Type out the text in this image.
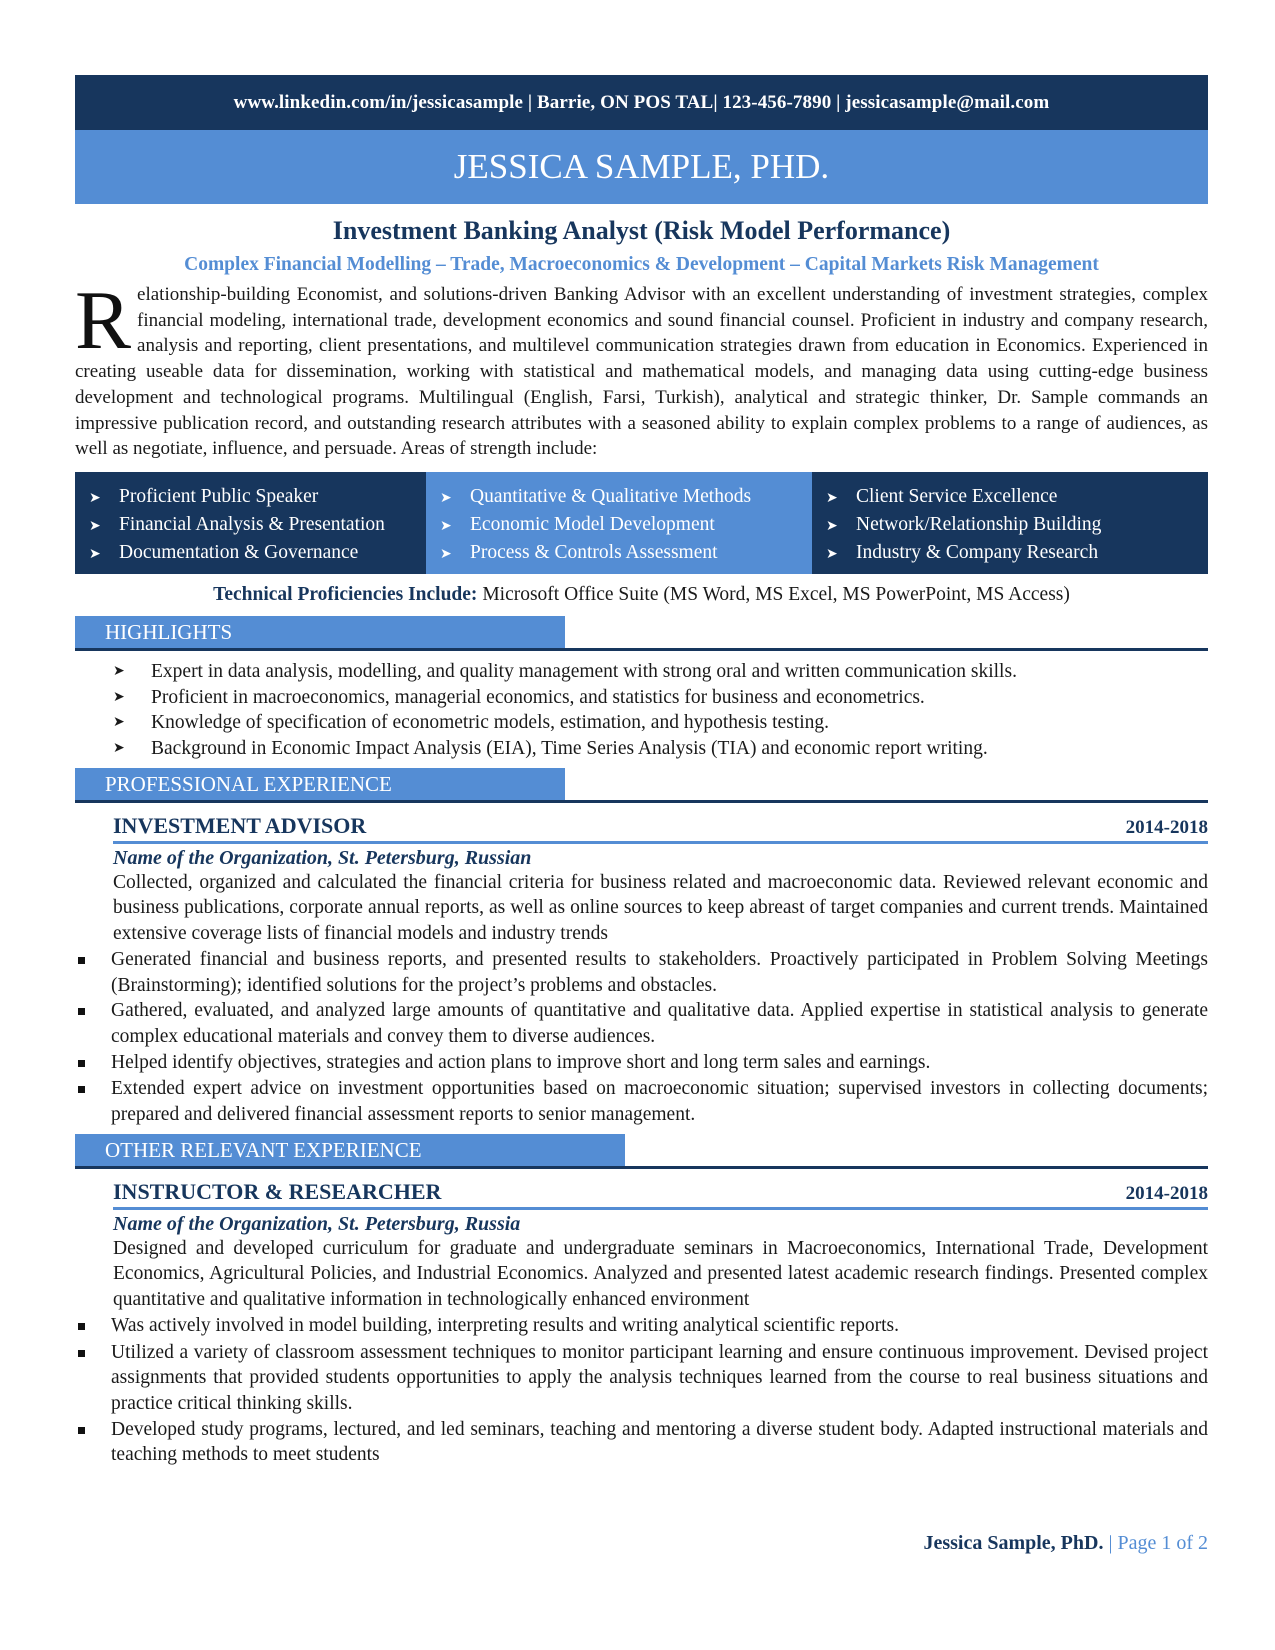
www.linkedin.com/in/jessicasample | Barrie, ON POS TAL| 123-456-7890 | jessicasample@mail.com
JESSICA SAMPLE, PHD.
Investment Banking Analyst (Risk Model Performance)
Complex Financial Modelling – Trade, Macroeconomics & Development – Capital Markets Risk Management
Relationship-building Economist, and solutions-driven Banking Advisor with an excellent understanding of investment strategies, complex financial modeling, international trade, development economics and sound financial counsel. Proficient in industry and company research, analysis and reporting, client presentations, and multilevel communication strategies drawn from education in Economics. Experienced in creating useable data for dissemination, working with statistical and mathematical models, and managing data using cutting-edge business development and technological programs. Multilingual (English, Farsi, Turkish), analytical and strategic thinker, Dr. Sample commands an impressive publication record, and outstanding research attributes with a seasoned ability to explain complex problems to a range of audiences, as well as negotiate, influence, and persuade. Areas of strength include:
➤ Proficient Public Speaker
➤ Financial Analysis & Presentation
➤ Documentation & Governance
➤ Quantitative & Qualitative Methods
➤ Economic Model Development
➤ Process & Controls Assessment
➤ Client Service Excellence
➤ Network/Relationship Building
➤ Industry & Company Research
Technical Proficiencies Include: Microsoft Office Suite (MS Word, MS Excel, MS PowerPoint, MS Access)
HIGHLIGHTS
➤	Expert in data analysis, modelling, and quality management with strong oral and written communication skills.
➤	Proficient in macroeconomics, managerial economics, and statistics for business and econometrics.
➤	Knowledge of specification of econometric models, estimation, and hypothesis testing.
➤	Background in Economic Impact Analysis (EIA), Time Series Analysis (TIA) and economic report writing.
PROFESSIONAL EXPERIENCE
INVESTMENT ADVISOR	2014-2018
Name of the Organization, St. Petersburg, Russian
Collected, organized and calculated the financial criteria for business related and macroeconomic data. Reviewed relevant economic and business publications, corporate annual reports, as well as online sources to keep abreast of target companies and current trends. Maintained extensive coverage lists of financial models and industry trends
Generated financial and business reports, and presented results to stakeholders. Proactively participated in Problem Solving Meetings (Brainstorming); identified solutions for the project’s problems and obstacles.
Gathered, evaluated, and analyzed large amounts of quantitative and qualitative data. Applied expertise in statistical analysis to generate complex educational materials and convey them to diverse audiences.
Helped identify objectives, strategies and action plans to improve short and long term sales and earnings.
Extended expert advice on investment opportunities based on macroeconomic situation; supervised investors in collecting documents; prepared and delivered financial assessment reports to senior management.
OTHER RELEVANT EXPERIENCE
INSTRUCTOR & RESEARCHER	2014-2018
Name of the Organization, St. Petersburg, Russia
Designed and developed curriculum for graduate and undergraduate seminars in Macroeconomics, International Trade, Development Economics, Agricultural Policies, and Industrial Economics. Analyzed and presented latest academic research findings. Presented complex quantitative and qualitative information in technologically enhanced environment
Was actively involved in model building, interpreting results and writing analytical scientific reports.
Utilized a variety of classroom assessment techniques to monitor participant learning and ensure continuous improvement. Devised project assignments that provided students opportunities to apply the analysis techniques learned from the course to real business situations and practice critical thinking skills.
Developed study programs, lectured, and led seminars, teaching and mentoring a diverse student body. Adapted instructional materials and teaching methods to meet students
Jessica Sample, PhD. | Page 1 of 2
